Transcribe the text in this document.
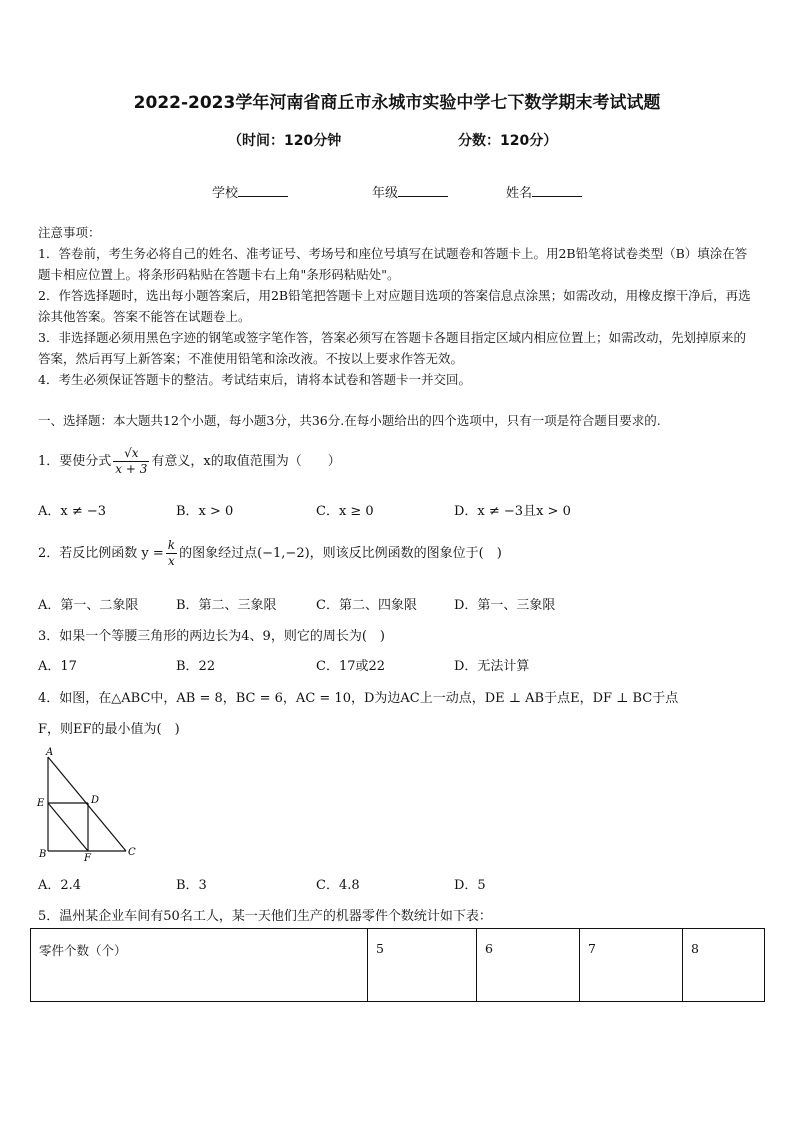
2022-2023学年河南省商丘市永城市实验中学七下数学期末考试试题
（时间：120分钟	分数：120分）
学校	年级	姓名
注意事项：
1．答卷前，考生务必将自己的姓名、准考证号、考场号和座位号填写在试题卷和答题卡上。用2B铅笔将试卷类型（B）填涂在答题卡相应位置上。将条形码粘贴在答题卡右上角"条形码粘贴处"。
2．作答选择题时，选出每小题答案后，用2B铅笔把答题卡上对应题目选项的答案信息点涂黑；如需改动，用橡皮擦干净后，再选涂其他答案。答案不能答在试题卷上。
3．非选择题必须用黑色字迹的钢笔或签字笔作答，答案必须写在答题卡各题目指定区域内相应位置上；如需改动，先划掉原来的答案，然后再写上新答案；不准使用铅笔和涂改液。不按以上要求作答无效。
4．考生必须保证答题卡的整洁。考试结束后，请将本试卷和答题卡一并交回。
一、选择题：本大题共12个小题，每小题3分，共36分.在每小题给出的四个选项中，只有一项是符合题目要求的.
1．要使分式 $\frac{√x}{x + 3}$ 有意义，x的取值范围为（　　）
A．x ≠ −3	B．x > 0	C．x ≥ 0	D．x ≠ −3且x > 0
2．若反比例函数 $y = \frac{k}{x}$ 的图象经过点(−1,−2)，则该反比例函数的图象位于(　)
A．第一、二象限	B．第二、三象限	C．第二、四象限	D．第一、三象限
3．如果一个等腰三角形的两边长为4、9，则它的周长为(　)
A．17	B．22	C．17或22	D．无法计算
4．如图，在△ABC中，AB = 8，BC = 6，AC = 10，D为边AC上一动点，DE ⊥ AB于点E，DF ⊥ BC于点
F，则EF的最小值为(　)
A
E	D
B	F
C
A．2.4	B．3	C．4.8	D．5
5．温州某企业车间有50名工人，某一天他们生产的机器零件个数统计如下表：
零件个数（个）	5	6	7	8
